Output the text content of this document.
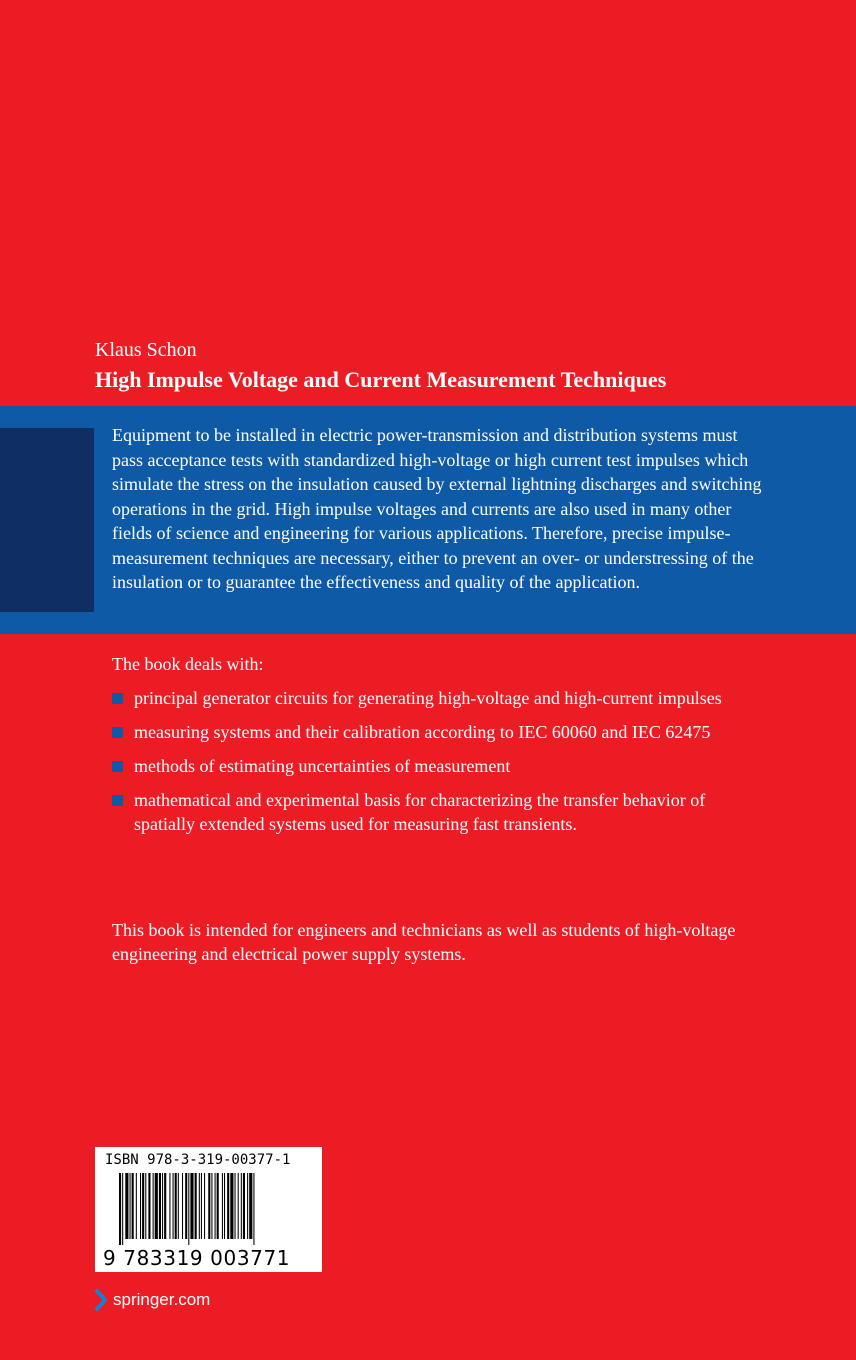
Klaus Schon
High Impulse Voltage and Current Measurement Techniques

Equipment to be installed in electric power-transmission and distribution systems must pass acceptance tests with standardized high-voltage or high current test impulses which simulate the stress on the insulation caused by external lightning discharges and switching operations in the grid. High impulse voltages and currents are also used in many other fields of science and engineering for various applications. Therefore, precise impulse-measurement techniques are necessary, either to prevent an over- or understressing of the insulation or to guarantee the effectiveness and quality of the application.

The book deals with:
principal generator circuits for generating high-voltage and high-current impulses
measuring systems and their calibration according to IEC 60060 and IEC 62475
methods of estimating uncertainties of measurement
mathematical and experimental basis for characterizing the transfer behavior of spatially extended systems used for measuring fast transients.

This book is intended for engineers and technicians as well as students of high-voltage engineering and electrical power supply systems.

ISBN 978-3-319-00377-1
9 783319 003771
springer.com
